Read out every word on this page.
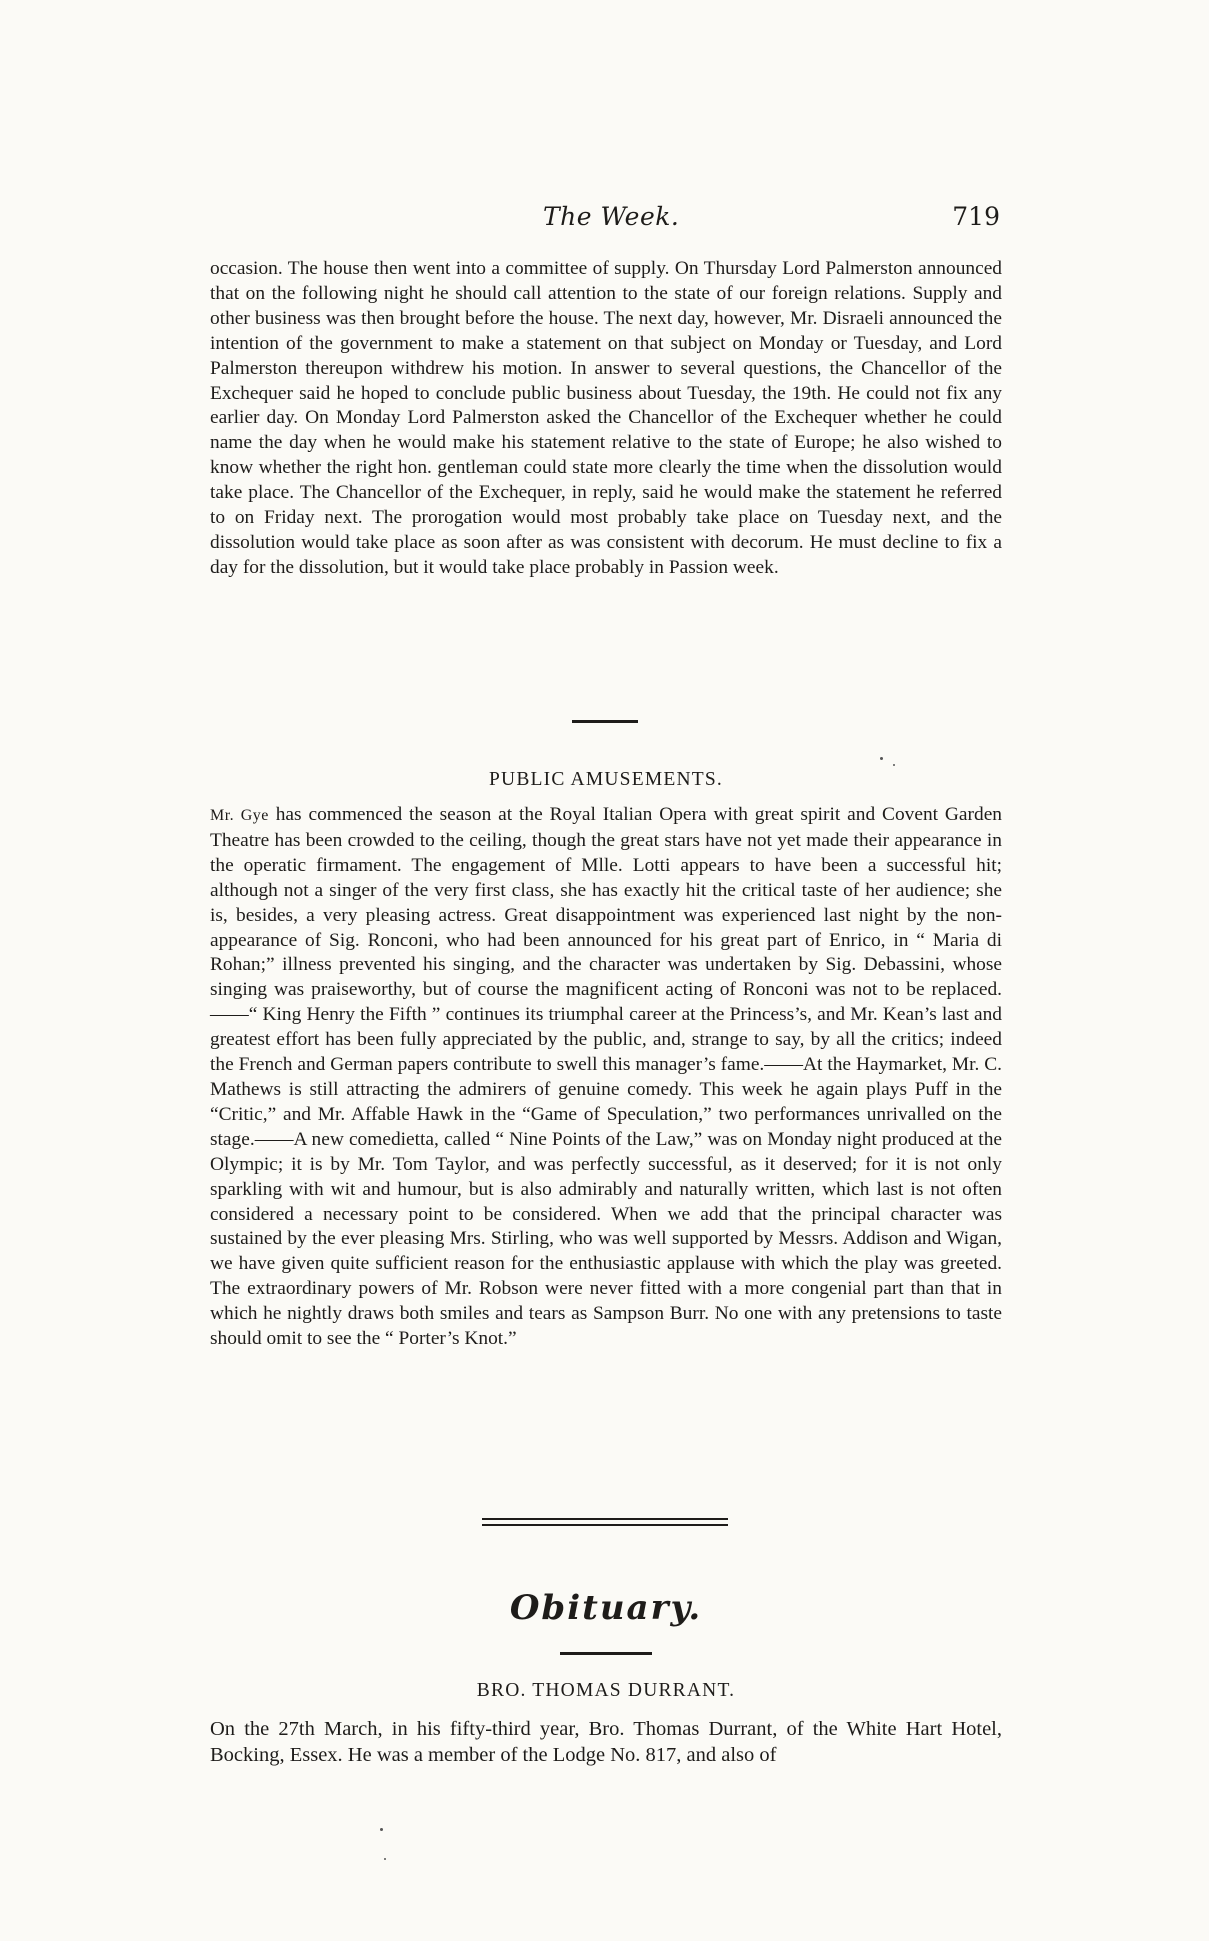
The Week.	719

occasion. The house then went into a committee of supply. On Thursday Lord Palmerston announced that on the following night he should call attention to the state of our foreign relations. Supply and other business was then brought before the house. The next day, however, Mr. Disraeli announced the intention of the government to make a statement on that subject on Monday or Tuesday, and Lord Palmerston thereupon withdrew his motion. In answer to several questions, the Chancellor of the Exchequer said he hoped to conclude public business about Tuesday, the 19th. He could not fix any earlier day. On Monday Lord Palmerston asked the Chancellor of the Exchequer whether he could name the day when he would make his statement relative to the state of Europe; he also wished to know whether the right hon. gentleman could state more clearly the time when the dissolution would take place. The Chancellor of the Exchequer, in reply, said he would make the statement he referred to on Friday next. The prorogation would most probably take place on Tuesday next, and the dissolution would take place as soon after as was consistent with decorum. He must decline to fix a day for the dissolution, but it would take place probably in Passion week.

PUBLIC AMUSEMENTS.

Mr. Gye has commenced the season at the Royal Italian Opera with great spirit and Covent Garden Theatre has been crowded to the ceiling, though the great stars have not yet made their appearance in the operatic firmament. The engagement of Mlle. Lotti appears to have been a successful hit; although not a singer of the very first class, she has exactly hit the critical taste of her audience; she is, besides, a very pleasing actress. Great disappointment was experienced last night by the non-appearance of Sig. Ronconi, who had been announced for his great part of Enrico, in “ Maria di Rohan;” illness prevented his singing, and the character was undertaken by Sig. Debassini, whose singing was praiseworthy, but of course the magnificent acting of Ronconi was not to be replaced.——“ King Henry the Fifth ” continues its triumphal career at the Princess’s, and Mr. Kean’s last and greatest effort has been fully appreciated by the public, and, strange to say, by all the critics; indeed the French and German papers contribute to swell this manager’s fame.——At the Haymarket, Mr. C. Mathews is still attracting the admirers of genuine comedy. This week he again plays Puff in the “Critic,” and Mr. Affable Hawk in the “Game of Speculation,” two performances unrivalled on the stage.——A new comedietta, called “ Nine Points of the Law,” was on Monday night produced at the Olympic; it is by Mr. Tom Taylor, and was perfectly successful, as it deserved; for it is not only sparkling with wit and humour, but is also admirably and naturally written, which last is not often considered a necessary point to be considered. When we add that the principal character was sustained by the ever pleasing Mrs. Stirling, who was well supported by Messrs. Addison and Wigan, we have given quite sufficient reason for the enthusiastic applause with which the play was greeted. The extraordinary powers of Mr. Robson were never fitted with a more congenial part than that in which he nightly draws both smiles and tears as Sampson Burr. No one with any pretensions to taste should omit to see the “ Porter’s Knot.”

Obituary.
BRO. THOMAS DURRANT.

On the 27th March, in his fifty-third year, Bro. Thomas Durrant, of the White Hart Hotel, Bocking, Essex. He was a member of the Lodge No. 817, and also of
